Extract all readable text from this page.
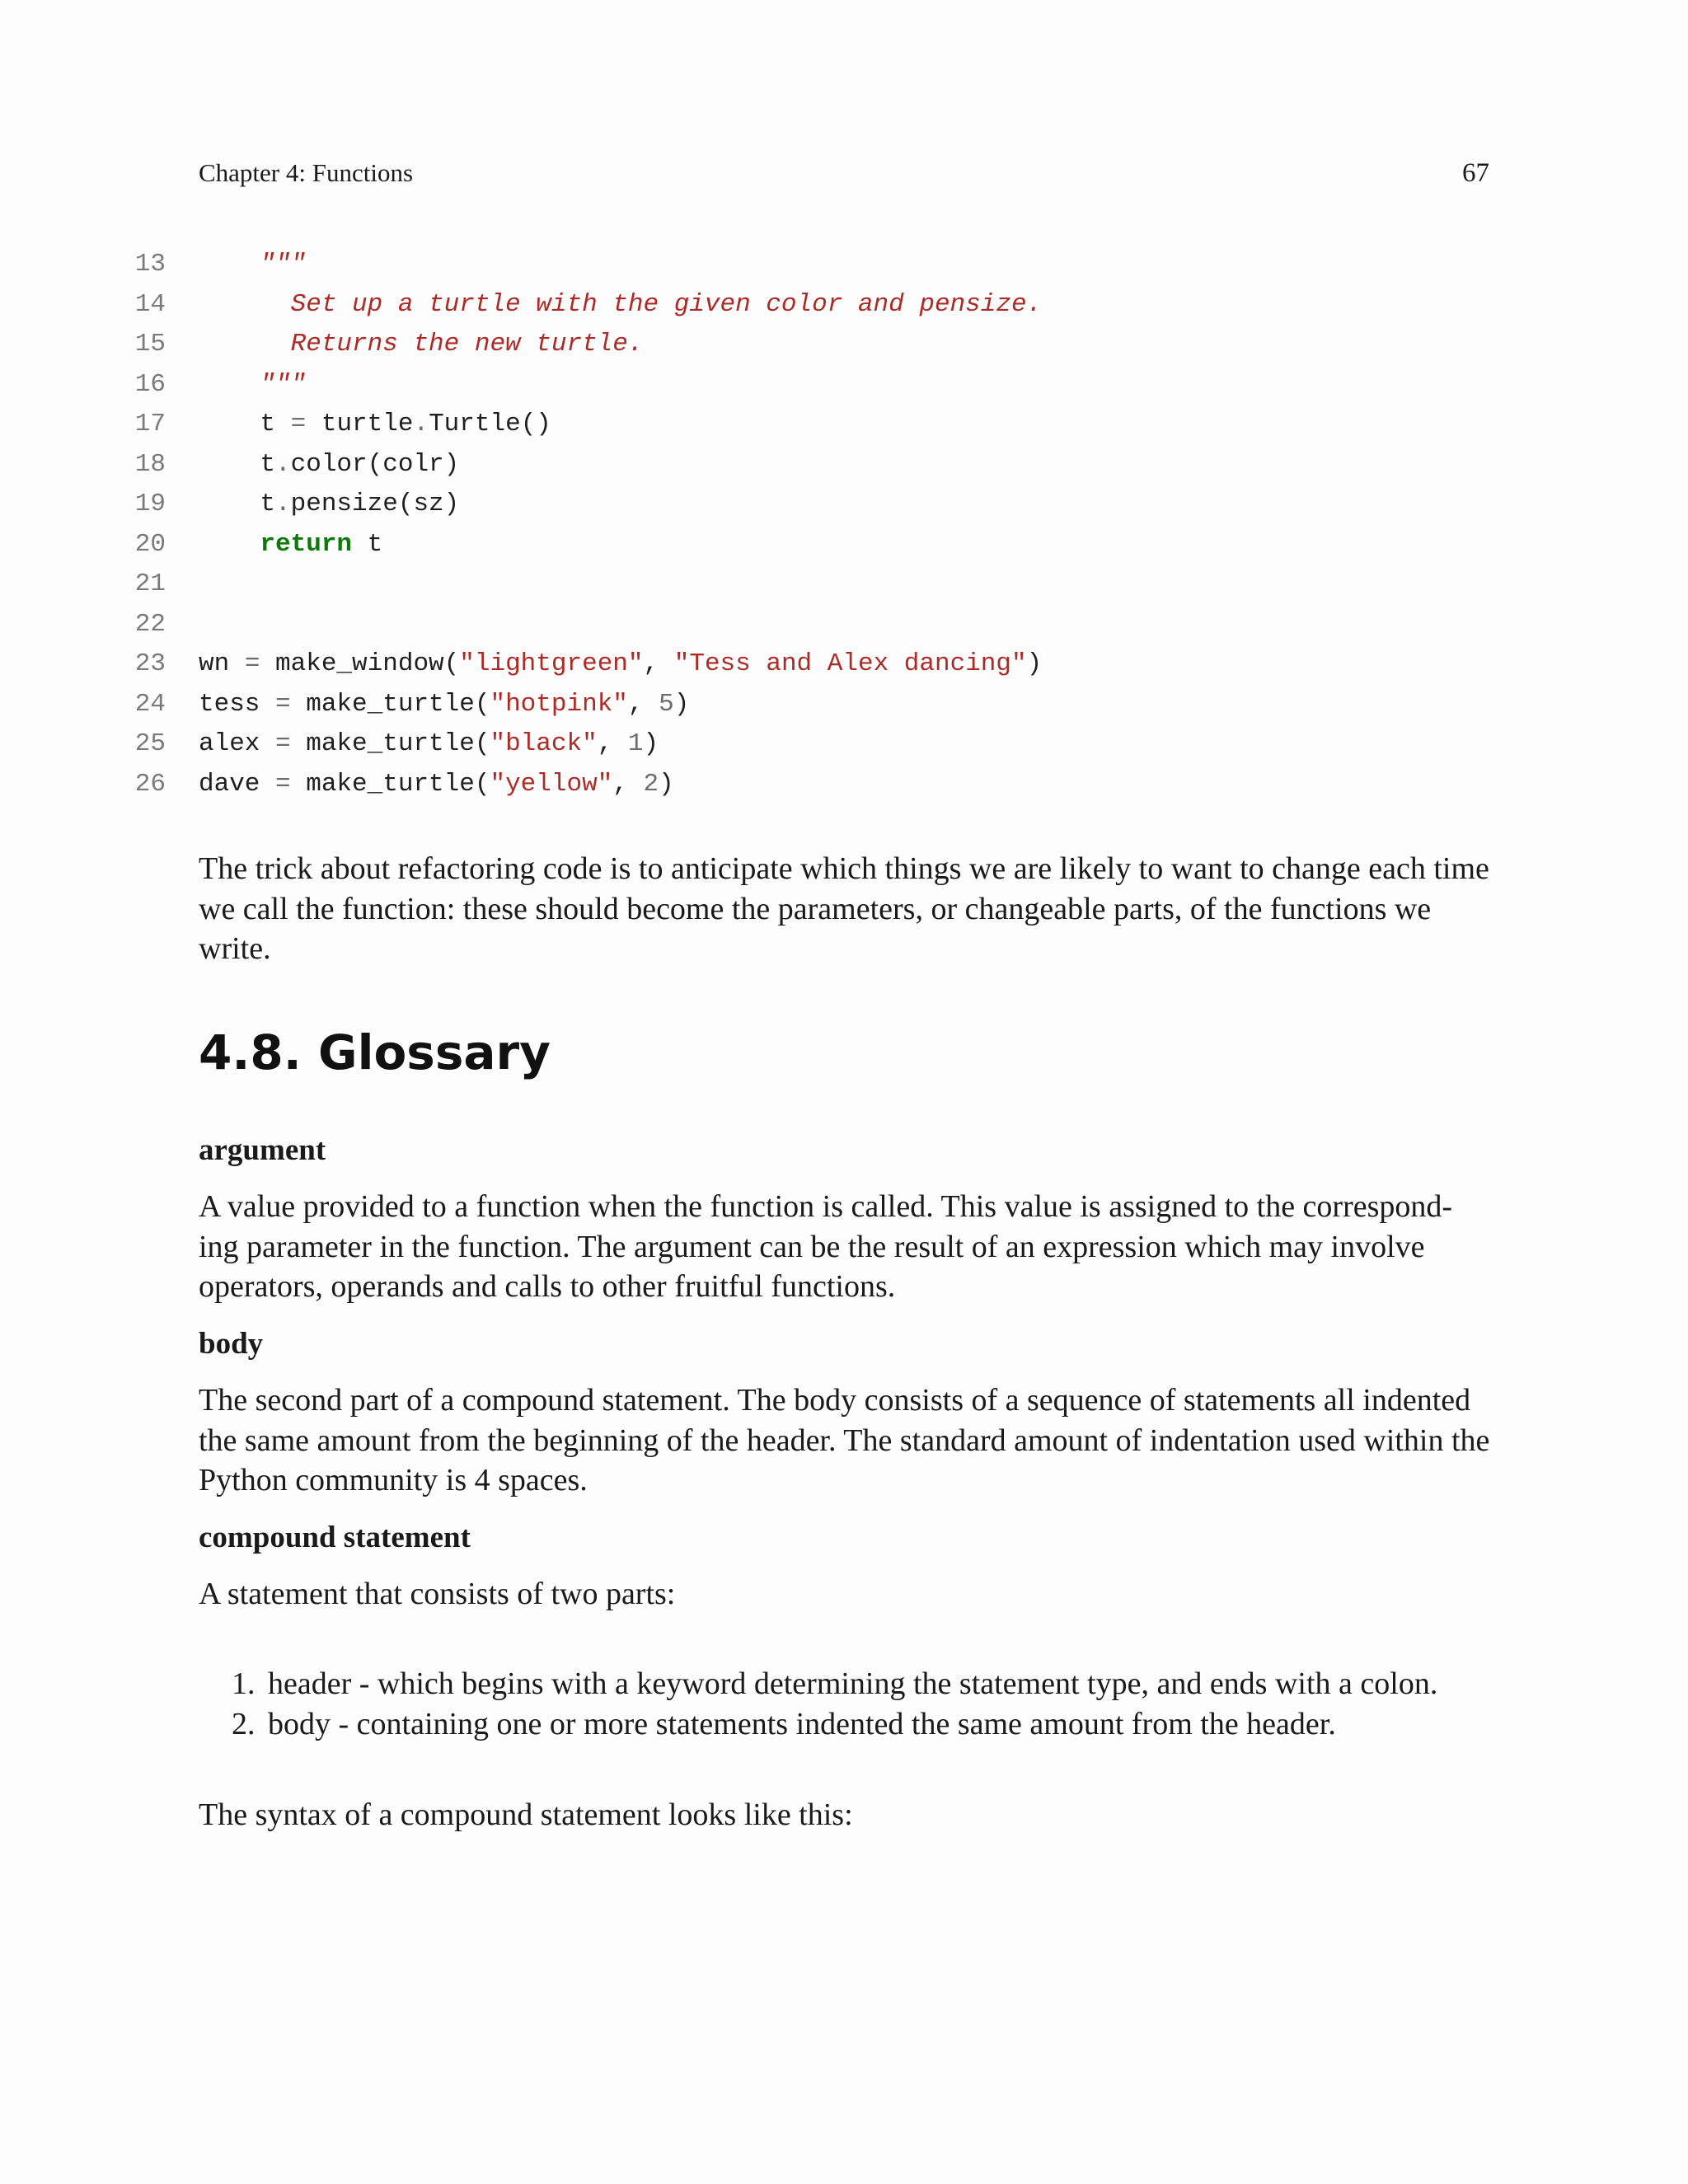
Chapter 4: Functions	67
13	"""
14 Set up a turtle with the given color and pensize.
15 Returns the new turtle.
16	"""
17 t = turtle.Turtle()
18 t.color(colr)
19 t.pensize(sz)
20	return t
21
22
23 wn = make_window("lightgreen", "Tess and Alex dancing")
24 tess = make_turtle("hotpink", 5)
25 alex = make_turtle("black", 1)
26 dave = make_turtle("yellow", 2)
The trick about refactoring code is to anticipate which things we are likely to want to change each time we call the function: these should become the parameters, or changeable parts, of the functions we write.
4.8. Glossary
argument
A value provided to a function when the function is called. This value is assigned to the correspond- ing parameter in the function. The argument can be the result of an expression which may involve operators, operands and calls to other fruitful functions.
body
The second part of a compound statement. The body consists of a sequence of statements all indented the same amount from the beginning of the header. The standard amount of indentation used within the Python community is 4 spaces.
compound statement
A statement that consists of two parts:
1. header - which begins with a keyword determining the statement type, and ends with a colon.
2. body - containing one or more statements indented the same amount from the header.
The syntax of a compound statement looks like this:
